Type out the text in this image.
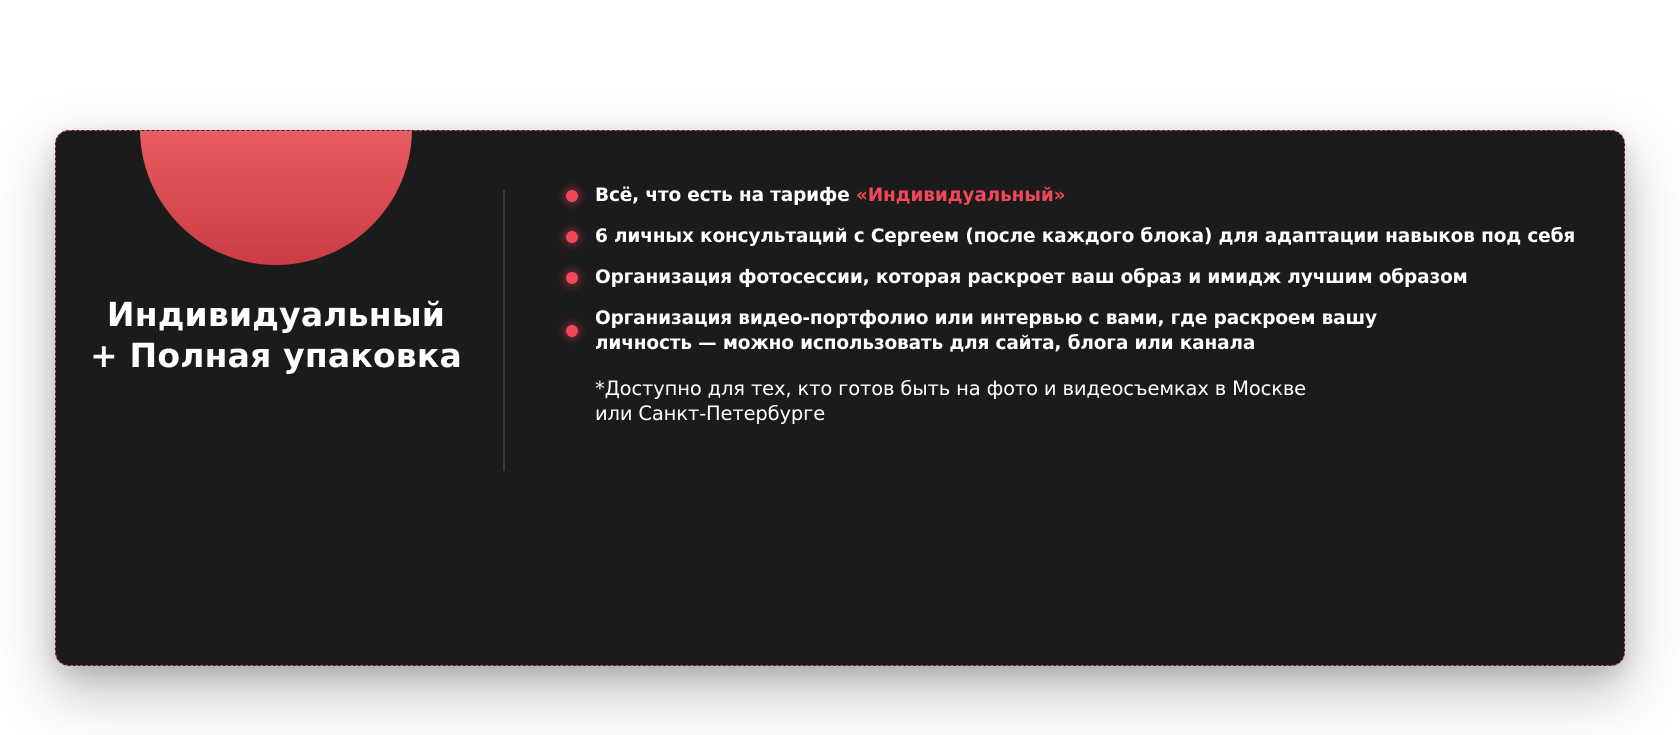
Индивидуальный
+ Полная упаковка
Всё, что есть на тарифе «Индивидуальный»
6 личных консультаций с Сергеем (после каждого блока) для адаптации навыков под себя
Организация фотосессии, которая раскроет ваш образ и имидж лучшим образом
Организация видео-портфолио или интервью с вами, где раскроем вашу
личность — можно использовать для сайта, блога или канала
*Доступно для тех, кто готов быть на фото и видеосъемках в Москве
или Санкт-Петербурге
